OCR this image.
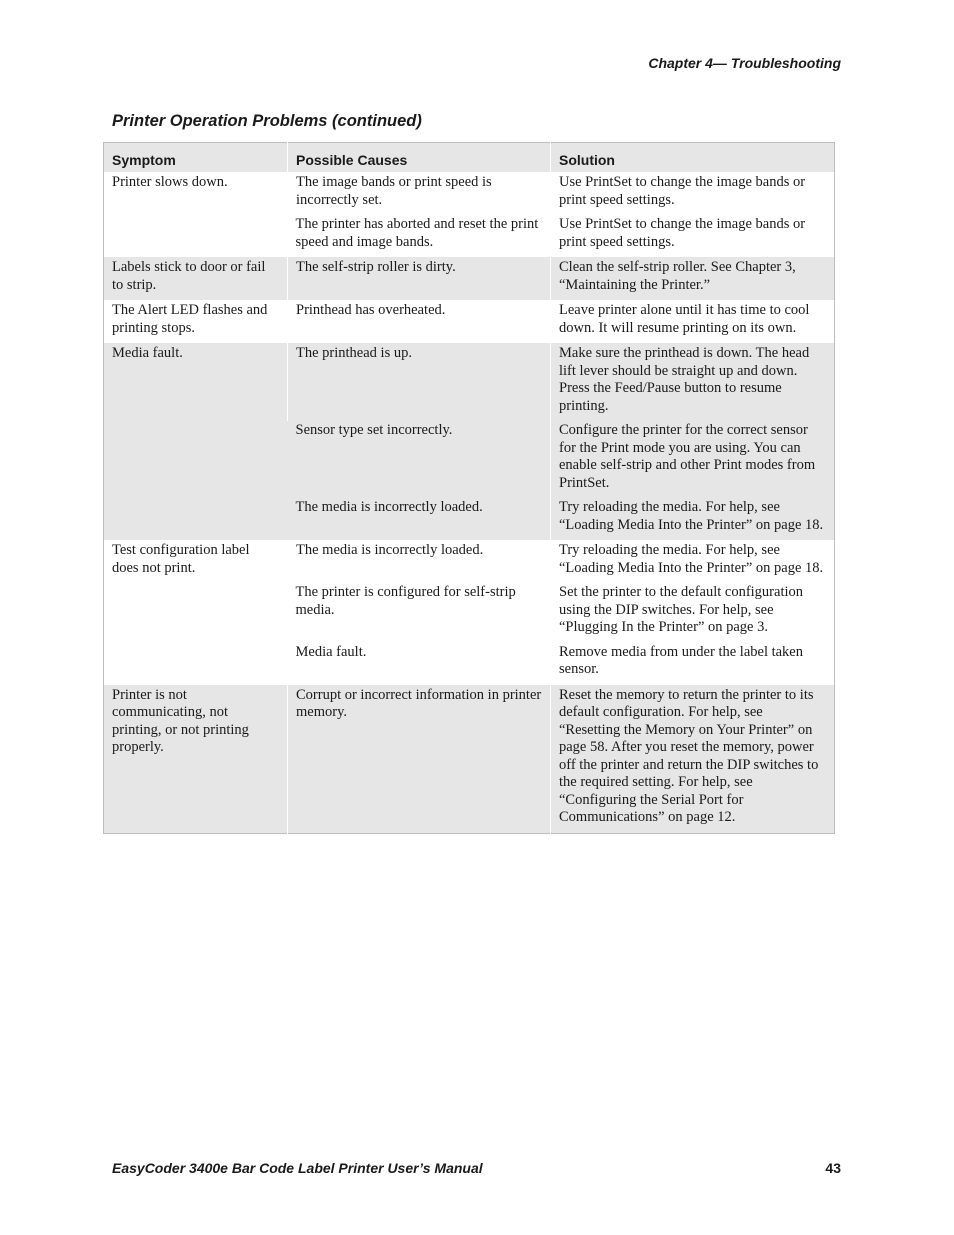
Chapter 4— Troubleshooting
Printer Operation Problems (continued)
Symptom	Possible Causes	Solution
Printer slows down.	The image bands or print speed is incorrectly set.	Use PrintSet to change the image bands or print speed settings.
	The printer has aborted and reset the print speed and image bands.	Use PrintSet to change the image bands or print speed settings.
Labels stick to door or fail to strip.	The self-strip roller is dirty.	Clean the self-strip roller. See Chapter 3, “Maintaining the Printer.”
The Alert LED flashes and printing stops.	Printhead has overheated.	Leave printer alone until it has time to cool down. It will resume printing on its own.
Media fault.	The printhead is up.	Make sure the printhead is down. The head lift lever should be straight up and down. Press the Feed/Pause button to resume printing.
	Sensor type set incorrectly.	Configure the printer for the correct sensor for the Print mode you are using. You can enable self-strip and other Print modes from PrintSet.
	The media is incorrectly loaded.	Try reloading the media. For help, see “Loading Media Into the Printer” on page 18.
Test configuration label does not print.	The media is incorrectly loaded.	Try reloading the media. For help, see “Loading Media Into the Printer” on page 18.
	The printer is configured for self-strip media.	Set the printer to the default configuration using the DIP switches. For help, see “Plugging In the Printer” on page 3.
	Media fault.	Remove media from under the label taken sensor.
Printer is not communicating, not printing, or not printing properly.	Corrupt or incorrect information in printer memory.	Reset the memory to return the printer to its default configuration. For help, see “Resetting the Memory on Your Printer” on page 58. After you reset the memory, power off the printer and return the DIP switches to the required setting. For help, see “Configuring the Serial Port for Communications” on page 12.
EasyCoder 3400e Bar Code Label Printer User’s Manual	43
